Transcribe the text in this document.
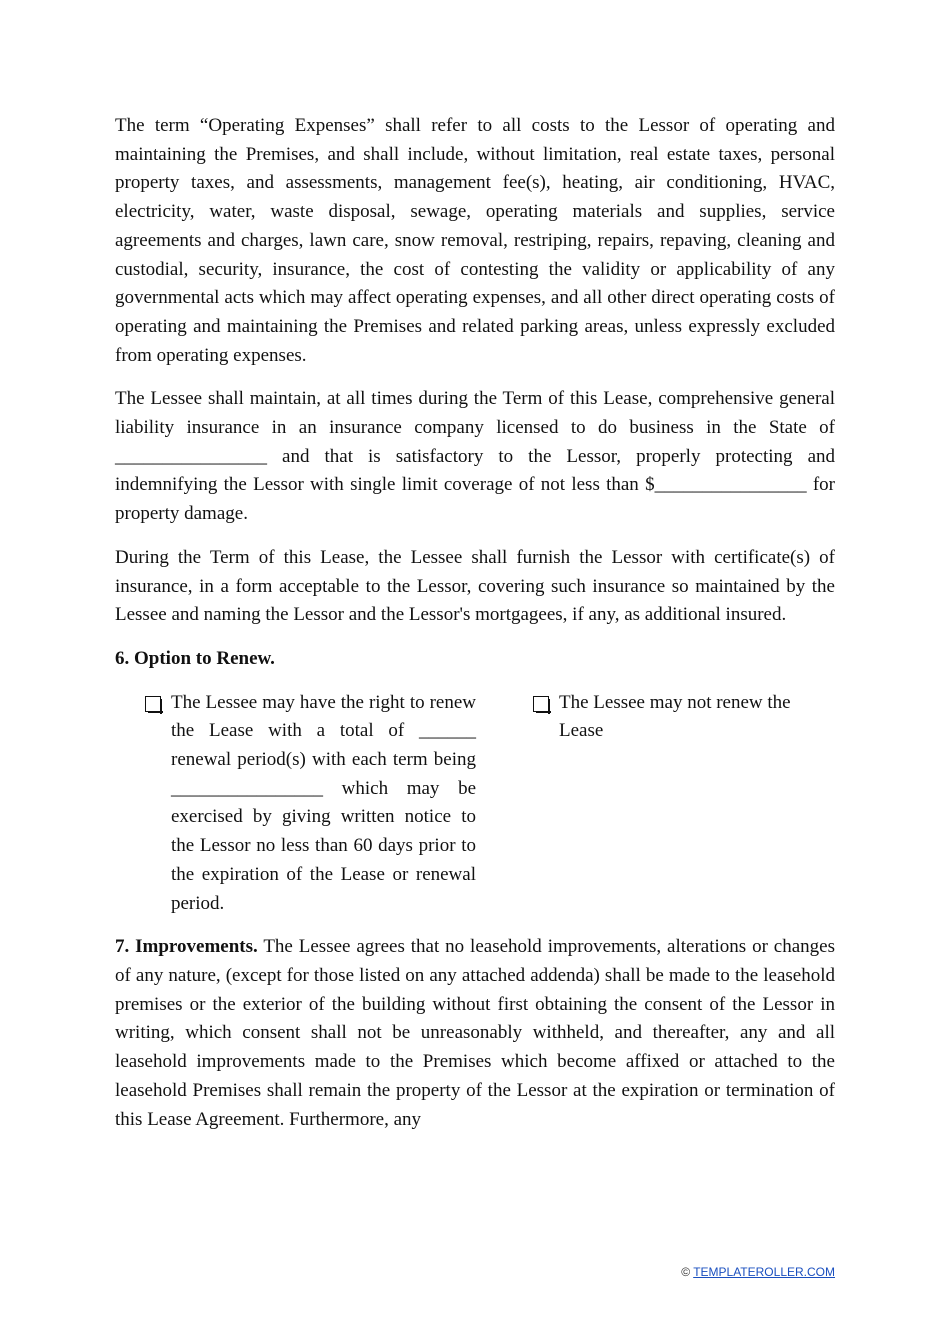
The term “Operating Expenses” shall refer to all costs to the Lessor of operating and maintaining the Premises, and shall include, without limitation, real estate taxes, personal property taxes, and assessments, management fee(s), heating, air conditioning, HVAC, electricity, water, waste disposal, sewage, operating materials and supplies, service agreements and charges, lawn care, snow removal, restriping, repairs, repaving, cleaning and custodial, security, insurance, the cost of contesting the validity or applicability of any governmental acts which may affect operating expenses, and all other direct operating costs of operating and maintaining the Premises and related parking areas, unless expressly excluded from operating expenses.

The Lessee shall maintain, at all times during the Term of this Lease, comprehensive general liability insurance in an insurance company licensed to do business in the State of ________________ and that is satisfactory to the Lessor, properly protecting and indemnifying the Lessor with single limit coverage of not less than $________________ for property damage.

During the Term of this Lease, the Lessee shall furnish the Lessor with certificate(s) of insurance, in a form acceptable to the Lessor, covering such insurance so maintained by the Lessee and naming the Lessor and the Lessor's mortgagees, if any, as additional insured.

6. Option to Renew.
The Lessee may have the right to renew the Lease with a total of ______ renewal period(s) with each term being ________________ which may be exercised by giving written notice to the Lessor no less than 60 days prior to the expiration of the Lease or renewal period.
The Lessee may not renew the Lease

7. Improvements. The Lessee agrees that no leasehold improvements, alterations or changes of any nature, (except for those listed on any attached addenda) shall be made to the leasehold premises or the exterior of the building without first obtaining the consent of the Lessor in writing, which consent shall not be unreasonably withheld, and thereafter, any and all leasehold improvements made to the Premises which become affixed or attached to the leasehold Premises shall remain the property of the Lessor at the expiration or termination of this Lease Agreement. Furthermore, any

© TEMPLATEROLLER.COM
